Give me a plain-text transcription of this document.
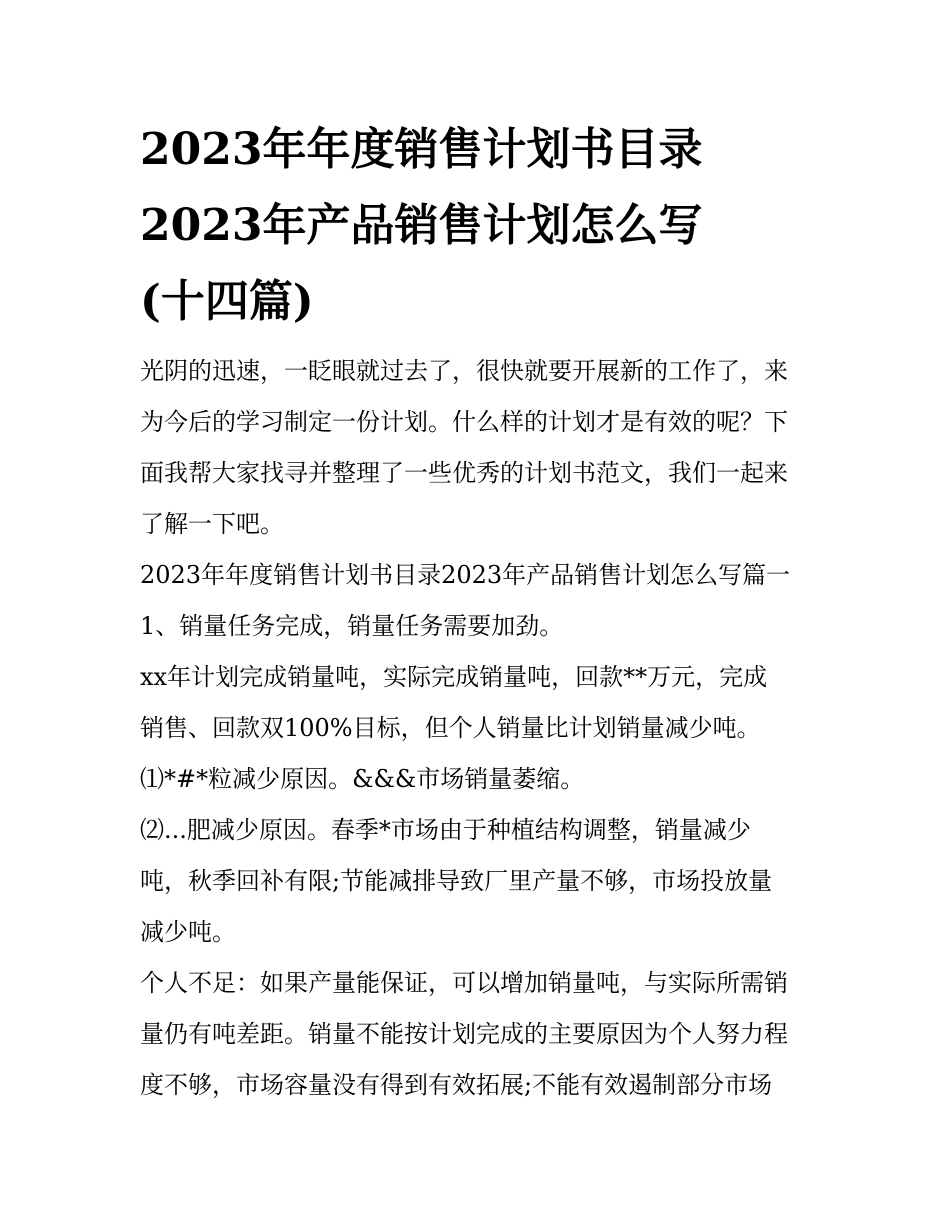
2023年年度销售计划书目录
2023年产品销售计划怎么写
(十四篇)
光阴的迅速，一眨眼就过去了，很快就要开展新的工作了，来
为今后的学习制定一份计划。什么样的计划才是有效的呢？下
面我帮大家找寻并整理了一些优秀的计划书范文，我们一起来
了解一下吧。
2023年年度销售计划书目录2023年产品销售计划怎么写篇一
1、销量任务完成，销量任务需要加劲。
xx年计划完成销量吨，实际完成销量吨，回款**万元，完成
销售、回款双100%目标，但个人销量比计划销量减少吨。
⑴*#*粒减少原因。&&&市场销量萎缩。
⑵...肥减少原因。春季*市场由于种植结构调整，销量减少
吨，秋季回补有限;节能减排导致厂里产量不够，市场投放量
减少吨。
个人不足：如果产量能保证，可以增加销量吨，与实际所需销
量仍有吨差距。销量不能按计划完成的主要原因为个人努力程
度不够，市场容量没有得到有效拓展;不能有效遏制部分市场
